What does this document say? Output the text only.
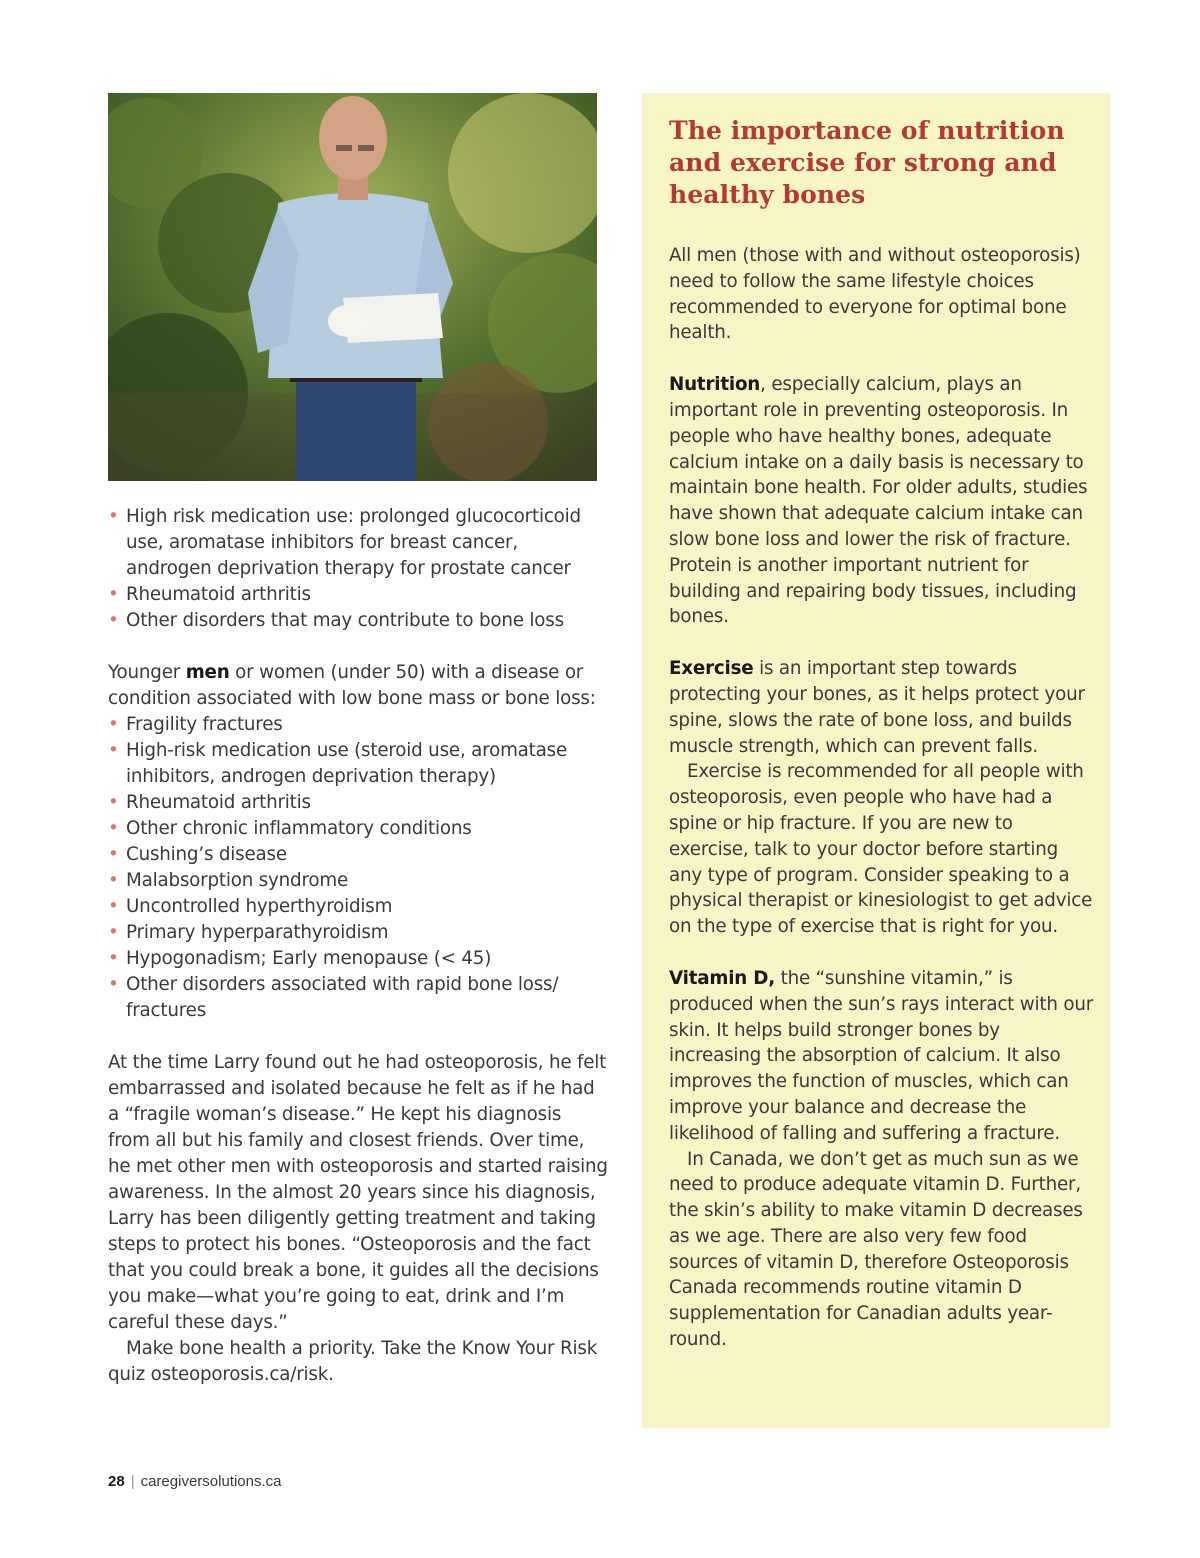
• High risk medication use: prolonged glucocorticoid use, aromatase inhibitors for breast cancer, androgen deprivation therapy for prostate cancer
• Rheumatoid arthritis
• Other disorders that may contribute to bone loss

Younger men or women (under 50) with a disease or condition associated with low bone mass or bone loss:

• Fragility fractures
• High-risk medication use (steroid use, aromatase inhibitors, androgen deprivation therapy)
• Rheumatoid arthritis
• Other chronic inflammatory conditions
• Cushing’s disease
• Malabsorption syndrome
• Uncontrolled hyperthyroidism
• Primary hyperparathyroidism
• Hypogonadism; Early menopause (< 45)
• Other disorders associated with rapid bone loss/ fractures

At the time Larry found out he had osteoporosis, he felt embarrassed and isolated because he felt as if he had a “fragile woman’s disease.” He kept his diagnosis from all but his family and closest friends. Over time, he met other men with osteoporosis and started raising awareness. In the almost 20 years since his diagnosis, Larry has been diligently getting treatment and taking steps to protect his bones. “Osteoporosis and the fact that you could break a bone, it guides all the decisions you make—what you’re going to eat, drink and I’m careful these days.”

Make bone health a priority. Take the Know Your Risk quiz osteoporosis.ca/risk.

The importance of nutrition and exercise for strong and healthy bones

All men (those with and without osteoporosis) need to follow the same lifestyle choices recommended to everyone for optimal bone health.

Nutrition, especially calcium, plays an important role in preventing osteoporosis. In people who have healthy bones, adequate calcium intake on a daily basis is necessary to maintain bone health. For older adults, studies have shown that adequate calcium intake can slow bone loss and lower the risk of fracture. Protein is another important nutrient for building and repairing body tissues, including bones.

Exercise is an important step towards protecting your bones, as it helps protect your spine, slows the rate of bone loss, and builds muscle strength, which can prevent falls.

Exercise is recommended for all people with osteoporosis, even people who have had a spine or hip fracture. If you are new to exercise, talk to your doctor before starting any type of program. Consider speaking to a physical therapist or kinesiologist to get advice on the type of exercise that is right for you.

Vitamin D, the “sunshine vitamin,” is produced when the sun’s rays interact with our skin. It helps build stronger bones by increasing the absorption of calcium. It also improves the function of muscles, which can improve your balance and decrease the likelihood of falling and suffering a fracture.

In Canada, we don’t get as much sun as we need to produce adequate vitamin D. Further, the skin’s ability to make vitamin D decreases as we age. There are also very few food sources of vitamin D, therefore Osteoporosis Canada recommends routine vitamin D supplementation for Canadian adults year-round.

28 | caregiversolutions.ca
